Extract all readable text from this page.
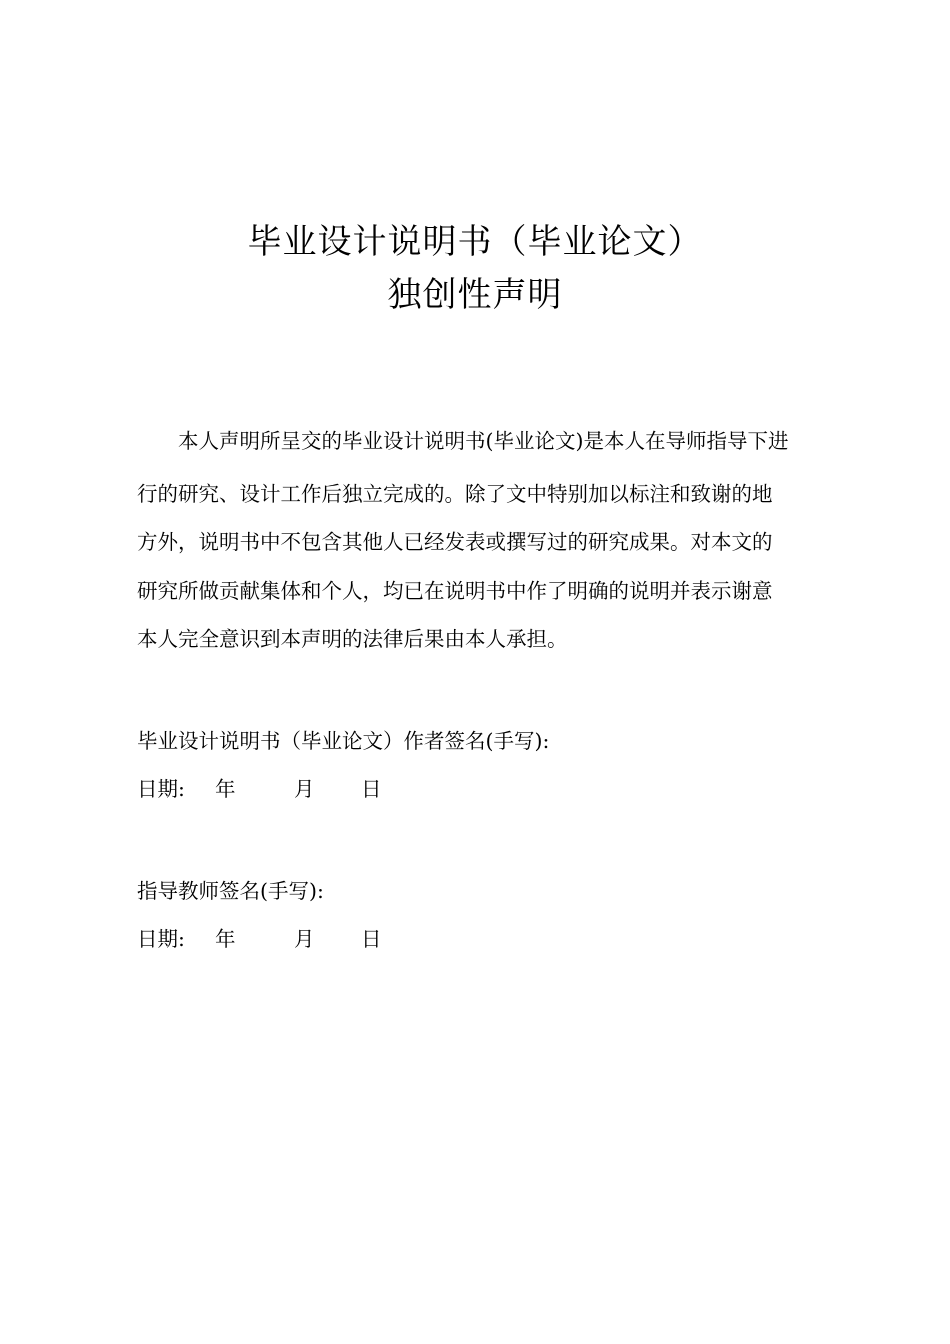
毕业设计说明书（毕业论文）
独创性声明
本人声明所呈交的毕业设计说明书(毕业论文)是本人在导师指导下进
行的研究、设计工作后独立完成的。除了文中特别加以标注和致谢的地
方外，说明书中不包含其他人已经发表或撰写过的研究成果。对本文的
研究所做贡献集体和个人，均已在说明书中作了明确的说明并表示谢意
本人完全意识到本声明的法律后果由本人承担。
毕业设计说明书（毕业论文）作者签名(手写):
日期: 年	月 日
指导教师签名(手写):
日期: 年	月 日
